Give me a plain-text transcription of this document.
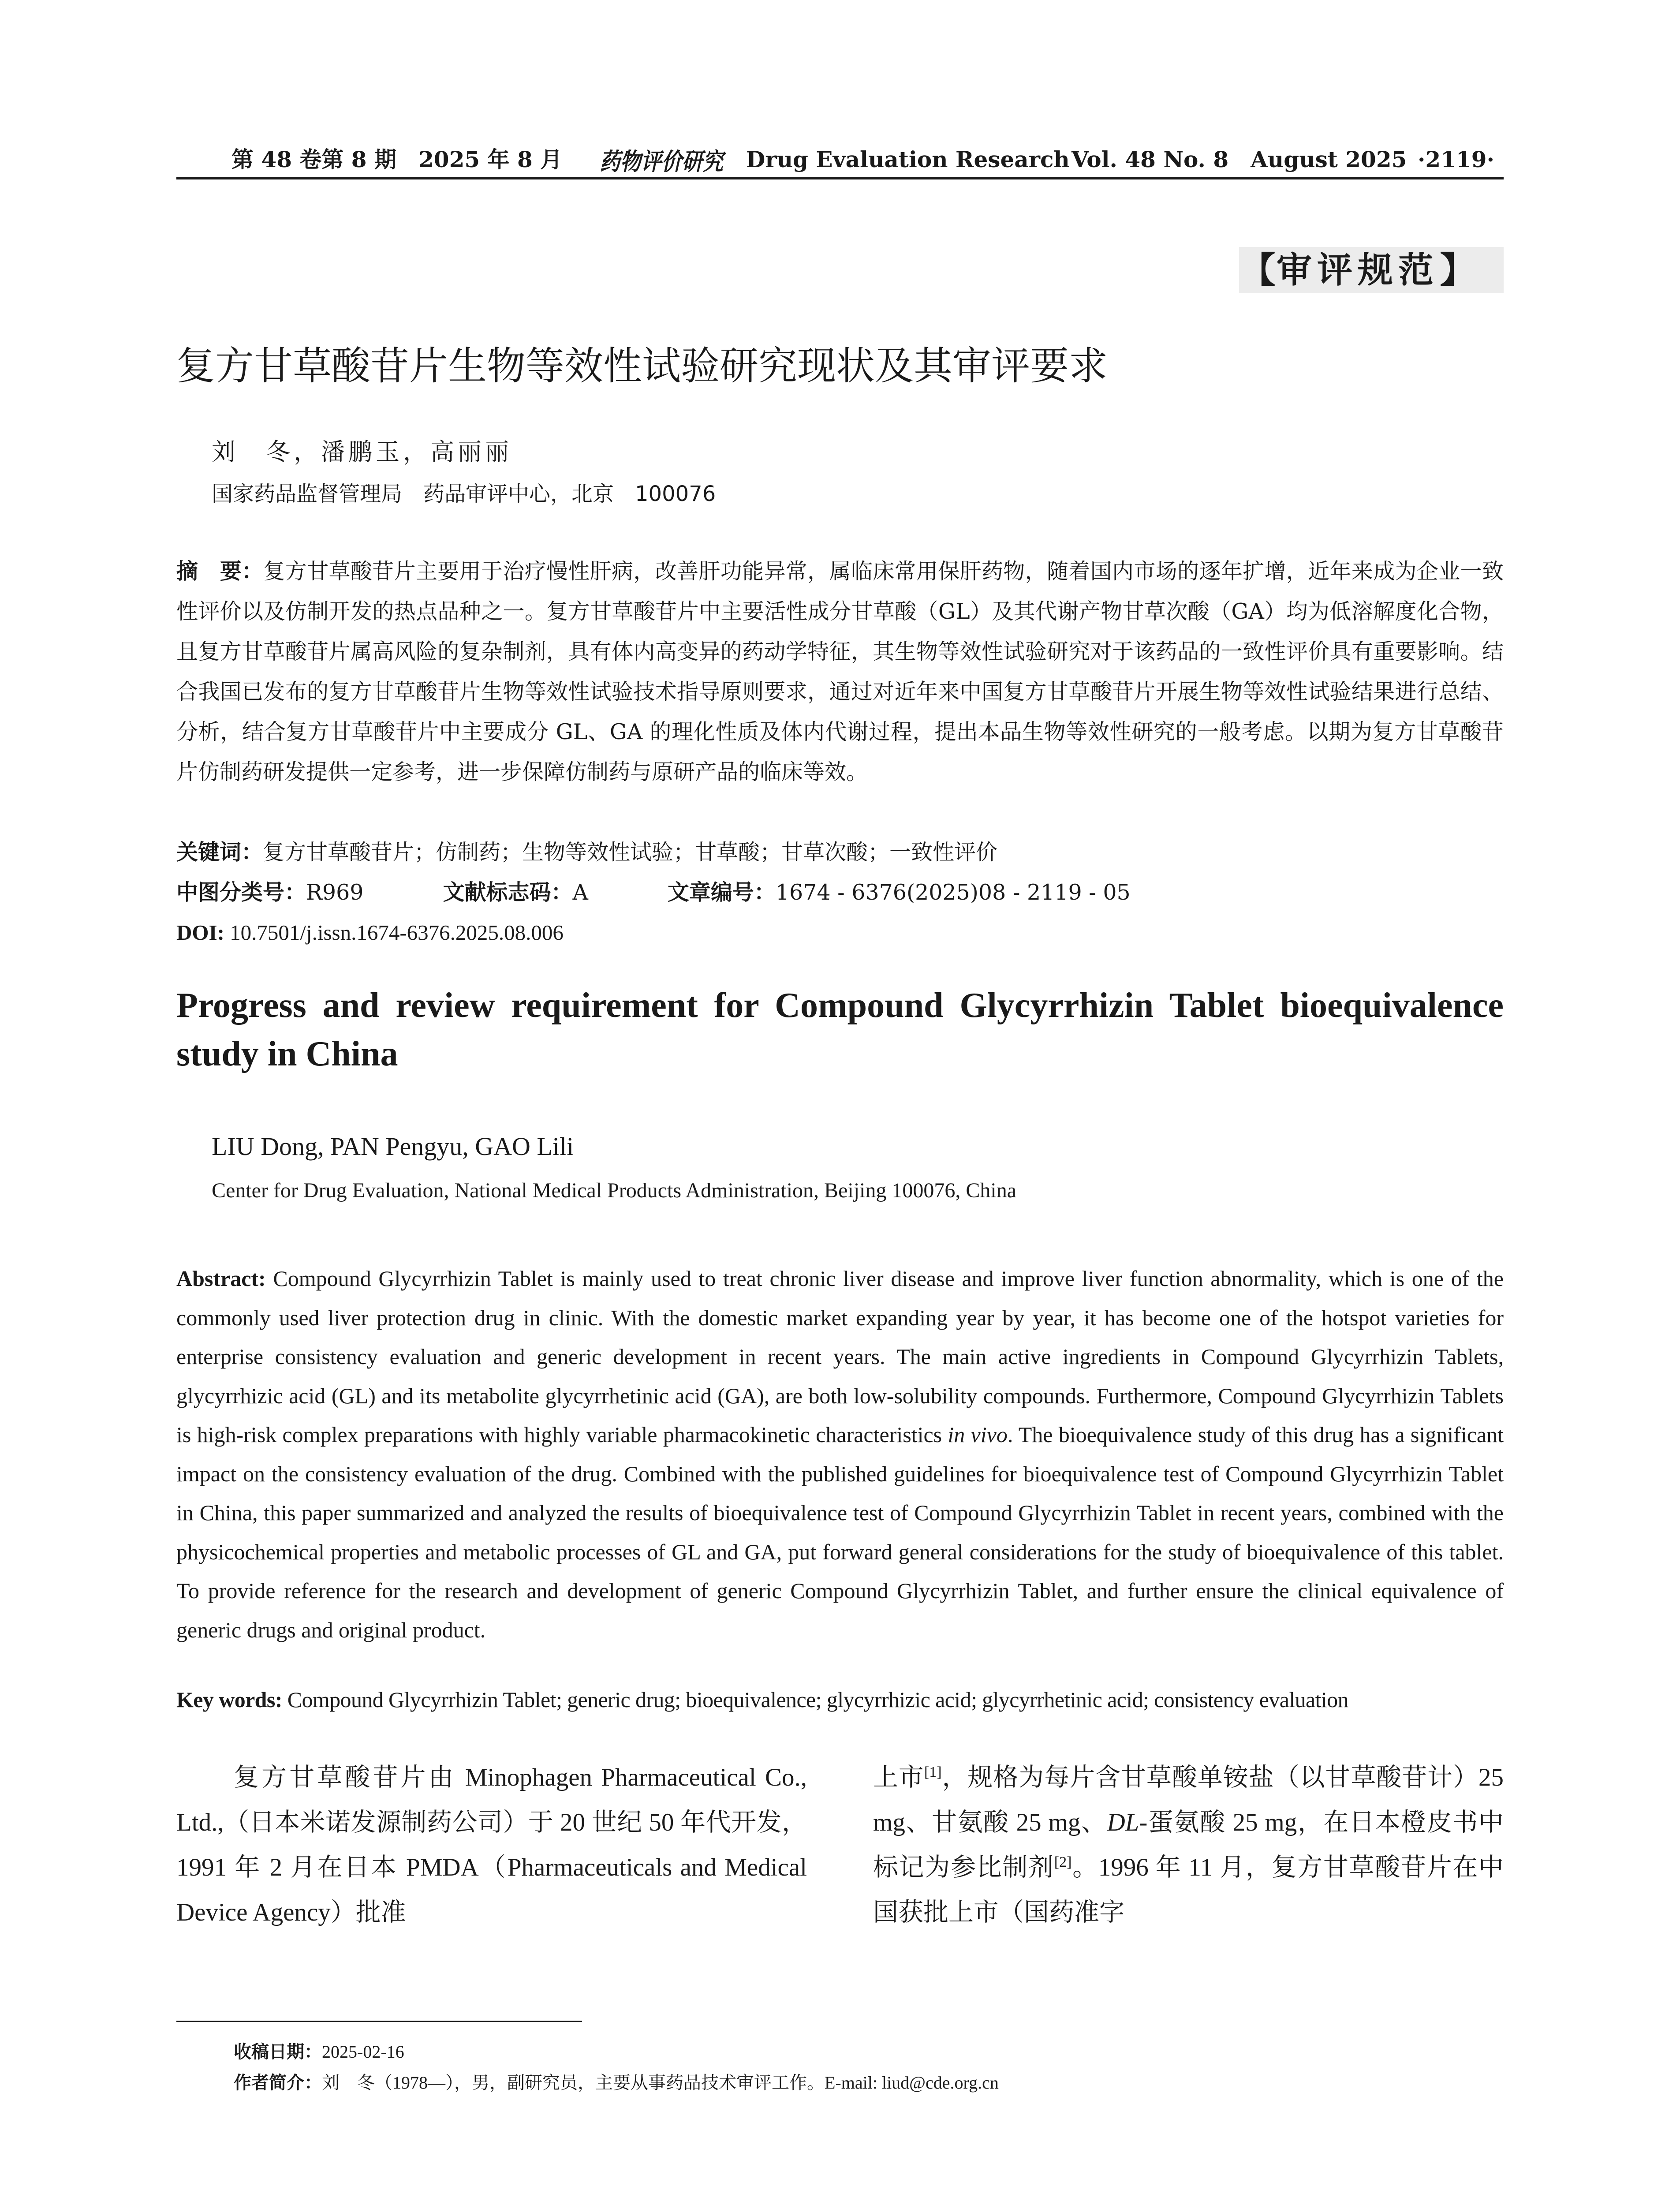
第 48 卷第 8 期　2025 年 8 月 药物评价研究 Drug Evaluation Research Vol. 48 No. 8　August 2025 ·2119·
【审评规范】
复方甘草酸苷片生物等效性试验研究现状及其审评要求
刘　冬，潘鹏玉，高丽丽
国家药品监督管理局　药品审评中心，北京　100076
摘　要：复方甘草酸苷片主要用于治疗慢性肝病，改善肝功能异常，属临床常用保肝药物，随着国内市场的逐年扩增，近年来成为企业一致性评价以及仿制开发的热点品种之一。复方甘草酸苷片中主要活性成分甘草酸（GL）及其代谢产物甘草次酸（GA）均为低溶解度化合物，且复方甘草酸苷片属高风险的复杂制剂，具有体内高变异的药动学特征，其生物等效性试验研究对于该药品的一致性评价具有重要影响。结合我国已发布的复方甘草酸苷片生物等效性试验技术指导原则要求，通过对近年来中国复方甘草酸苷片开展生物等效性试验结果进行总结、分析，结合复方甘草酸苷片中主要成分 GL、GA 的理化性质及体内代谢过程，提出本品生物等效性研究的一般考虑。以期为复方甘草酸苷片仿制药研发提供一定参考，进一步保障仿制药与原研产品的临床等效。
关键词：复方甘草酸苷片；仿制药；生物等效性试验；甘草酸；甘草次酸；一致性评价
中图分类号：R969	文献标志码：A	文章编号：1674 - 6376(2025)08 - 2119 - 05
DOI: 10.7501/j.issn.1674-6376.2025.08.006
Progress and review requirement for Compound Glycyrrhizin Tablet bioequivalence study in China
LIU Dong, PAN Pengyu, GAO Lili
Center for Drug Evaluation, National Medical Products Administration, Beijing 100076, China
Abstract: Compound Glycyrrhizin Tablet is mainly used to treat chronic liver disease and improve liver function abnormality, which is one of the commonly used liver protection drug in clinic. With the domestic market expanding year by year, it has become one of the hotspot varieties for enterprise consistency evaluation and generic development in recent years. The main active ingredients in Compound Glycyrrhizin Tablets, glycyrrhizic acid (GL) and its metabolite glycyrrhetinic acid (GA), are both low-solubility compounds. Furthermore, Compound Glycyrrhizin Tablets is high-risk complex preparations with highly variable pharmacokinetic characteristics in vivo. The bioequivalence study of this drug has a significant impact on the consistency evaluation of the drug. Combined with the published guidelines for bioequivalence test of Compound Glycyrrhizin Tablet in China, this paper summarized and analyzed the results of bioequivalence test of Compound Glycyrrhizin Tablet in recent years, combined with the physicochemical properties and metabolic processes of GL and GA, put forward general considerations for the study of bioequivalence of this tablet. To provide reference for the research and development of generic Compound Glycyrrhizin Tablet, and further ensure the clinical equivalence of generic drugs and original product.
Key words: Compound Glycyrrhizin Tablet; generic drug; bioequivalence; glycyrrhizic acid; glycyrrhetinic acid; consistency evaluation
复方甘草酸苷片由 Minophagen Pharmaceutical Co., Ltd.,（日本米诺发源制药公司）于 20 世纪 50 年代开发，1991 年 2 月在日本 PMDA（Pharmaceuticals and Medical Device Agency）批准
上市[1]，规格为每片含甘草酸单铵盐（以甘草酸苷计）25 mg、甘氨酸 25 mg、DL-蛋氨酸 25 mg，在日本橙皮书中标记为参比制剂[2]。1996 年 11 月，复方甘草酸苷片在中国获批上市（国药准字
收稿日期：2025-02-16
作者简介：刘　冬（1978—），男，副研究员，主要从事药品技术审评工作。E-mail: liud@cde.org.cn
